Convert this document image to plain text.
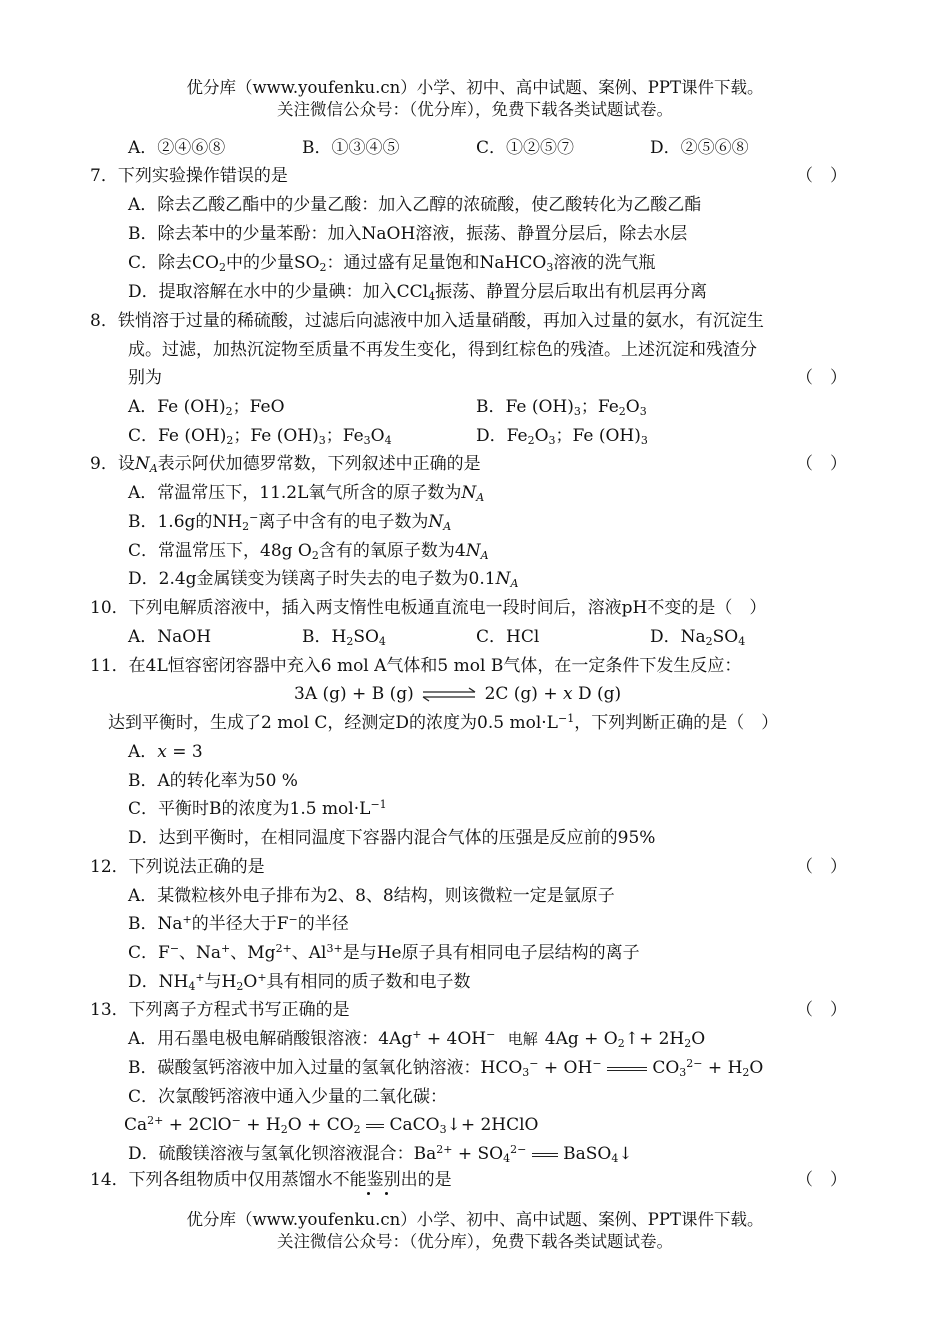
优分库（www.youfenku.cn）小学、初中、高中试题、案例、PPT课件下载。
关注微信公众号：（优分库），免费下载各类试题试卷。
A．②④⑥⑧	B．①③④⑤	C．①②⑤⑦	D．②⑤⑥⑧
7．下列实验操作错误的是	（　）
A．除去乙酸乙酯中的少量乙酸：加入乙醇的浓硫酸，使乙酸转化为乙酸乙酯
B．除去苯中的少量苯酚：加入NaOH溶液，振荡、静置分层后，除去水层
C．除去$CO_2$中的少量$SO_2$：通过盛有足量饱和NaHCO$_3$溶液的洗气瓶
D．提取溶解在水中的少量碘：加入CCl$_4$振荡、静置分层后取出有机层再分离
8．铁悄溶于过量的稀硫酸，过滤后向滤液中加入适量硝酸，再加入过量的氨水，有沉淀生
成。过滤，加热沉淀物至质量不再发生变化，得到红棕色的残渣。上述沉淀和残渣分
别为	（　）
A．Fe $(OH)_2$；FeO	B．Fe $(OH)_3$；$Fe_2O_3$
C．Fe $(OH)_2$；Fe $(OH)_3$；$Fe_3O_4$	D．$Fe_2O_3$；Fe $(OH)_3$
9．设$N_A$表示阿伏加德罗常数，下列叙述中正确的是	（　）
A．常温常压下，11.2L氧气所含的原子数为$N_A$
B．1.6g的$NH_2^-$离子中含有的电子数为$N_A$
C．常温常压下，48g $O_2$含有的氧原子数为$4N_A$
D．2.4g金属镁变为镁离子时失去的电子数为$0.1N_A$
10．下列电解质溶液中，插入两支惰性电板通直流电一段时间后，溶液pH不变的是（　）
A．NaOH	B．$H_2SO_4$	C．HCl	D．$Na_2SO_4$
11．在4L恒容密闭容器中充入6 mol A气体和5 mol B气体，在一定条件下发生反应：
3A (g) + B (g) ⇌ 2C (g) + x D (g)
达到平衡时，生成了2 mol C，经测定D的浓度为0.5 $mol\cdot L^{-1}$，下列判断正确的是（　）
A．x = 3
B．A的转化率为50 %
C．平衡时B的浓度为1.5 $mol\cdot L^{-1}$
D．达到平衡时，在相同温度下容器内混合气体的压强是反应前的95%
12．下列说法正确的是	（　）
A．某微粒核外电子排布为2、8、8结构，则该微粒一定是氩原子
B．Na+的半径大于F−的半径
C．F−、Na+、$Mg^{2+}$、$Al^{3+}$是与He原子具有相同电子层结构的离子
D．$NH_4^+$与$H_2O^+$具有相同的质子数和电子数
13．下列离子方程式书写正确的是	（　）
A．用石墨电极电解硝酸银溶液：4Ag+ + 4OH− 电解 $4Ag + O_2↑+ 2H_2O$
B．碳酸氢钙溶液中加入过量的氢氧化钠溶液：$HCO_3^- + OH^-$	$CO_3^{2-} + H_2O$
C．次氯酸钙溶液中通入少量的二氧化碳：
$Ca^{2+} + 2ClO^- + H_2O + CO_2$ CaCO$_3$↓+ 2HClO
D．硫酸镁溶液与氢氧化钡溶液混合：$Ba^{2+} + SO_4^{2-}$ BaSO$_4$↓
14．下列各组物质中仅用蒸馏水不能鉴别出的是	（　）
优分库（www.youfenku.cn）小学、初中、高中试题、案例、PPT课件下载。
关注微信公众号：（优分库），免费下载各类试题试卷。
